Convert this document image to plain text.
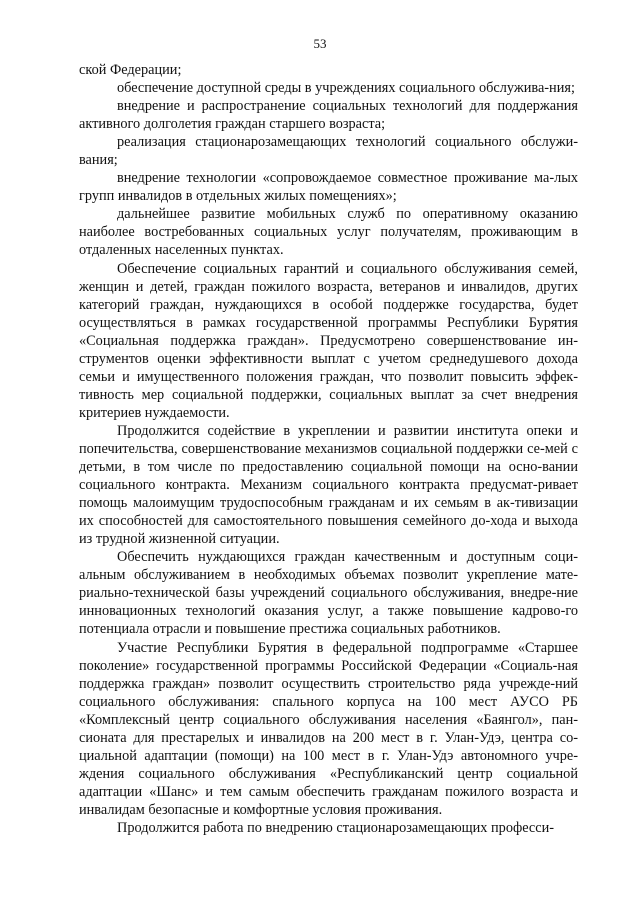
53

ской Федерации;

обеспечение доступной среды в учреждениях социального обслужива-ния;

внедрение и распространение социальных технологий для поддержания активного долголетия граждан старшего возраста;

реализация стационарозамещающих технологий социального обслужи-вания;

внедрение технологии «сопровождаемое совместное проживание ма-лых групп инвалидов в отдельных жилых помещениях»;

дальнейшее развитие мобильных служб по оперативному оказанию наиболее востребованных социальных услуг получателям, проживающим в отдаленных населенных пунктах.

Обеспечение социальных гарантий и социального обслуживания семей, женщин и детей, граждан пожилого возраста, ветеранов и инвалидов, других категорий граждан, нуждающихся в особой поддержке государства, будет осуществляться в рамках государственной программы Республики Бурятия «Социальная поддержка граждан». Предусмотрено совершенствование ин-струментов оценки эффективности выплат с учетом среднедушевого дохода семьи и имущественного положения граждан, что позволит повысить эффек-тивность мер социальной поддержки, социальных выплат за счет внедрения критериев нуждаемости.

Продолжится содействие в укреплении и развитии института опеки и попечительства, совершенствование механизмов социальной поддержки се-мей с детьми, в том числе по предоставлению социальной помощи на осно-вании социального контракта. Механизм социального контракта предусмат-ривает помощь малоимущим трудоспособным гражданам и их семьям в ак-тивизации их способностей для самостоятельного повышения семейного до-хода и выхода из трудной жизненной ситуации.

Обеспечить нуждающихся граждан качественным и доступным соци-альным обслуживанием в необходимых объемах позволит укрепление мате-риально-технической базы учреждений социального обслуживания, внедре-ние инновационных технологий оказания услуг, а также повышение кадрово-го потенциала отрасли и повышение престижа социальных работников.

Участие Республики Бурятия в федеральной подпрограмме «Старшее поколение» государственной программы Российской Федерации «Социаль-ная поддержка граждан» позволит осуществить строительство ряда учрежде-ний социального обслуживания: спального корпуса на 100 мест АУСО РБ «Комплексный центр социального обслуживания населения «Баянгол», пан-сионата для престарелых и инвалидов на 200 мест в г. Улан-Удэ, центра со-циальной адаптации (помощи) на 100 мест в г. Улан-Удэ автономного учре-ждения социального обслуживания «Республиканский центр социальной адаптации «Шанс» и тем самым обеспечить гражданам пожилого возраста и инвалидам безопасные и комфортные условия проживания.

Продолжится работа по внедрению стационарозамещающих професси-
